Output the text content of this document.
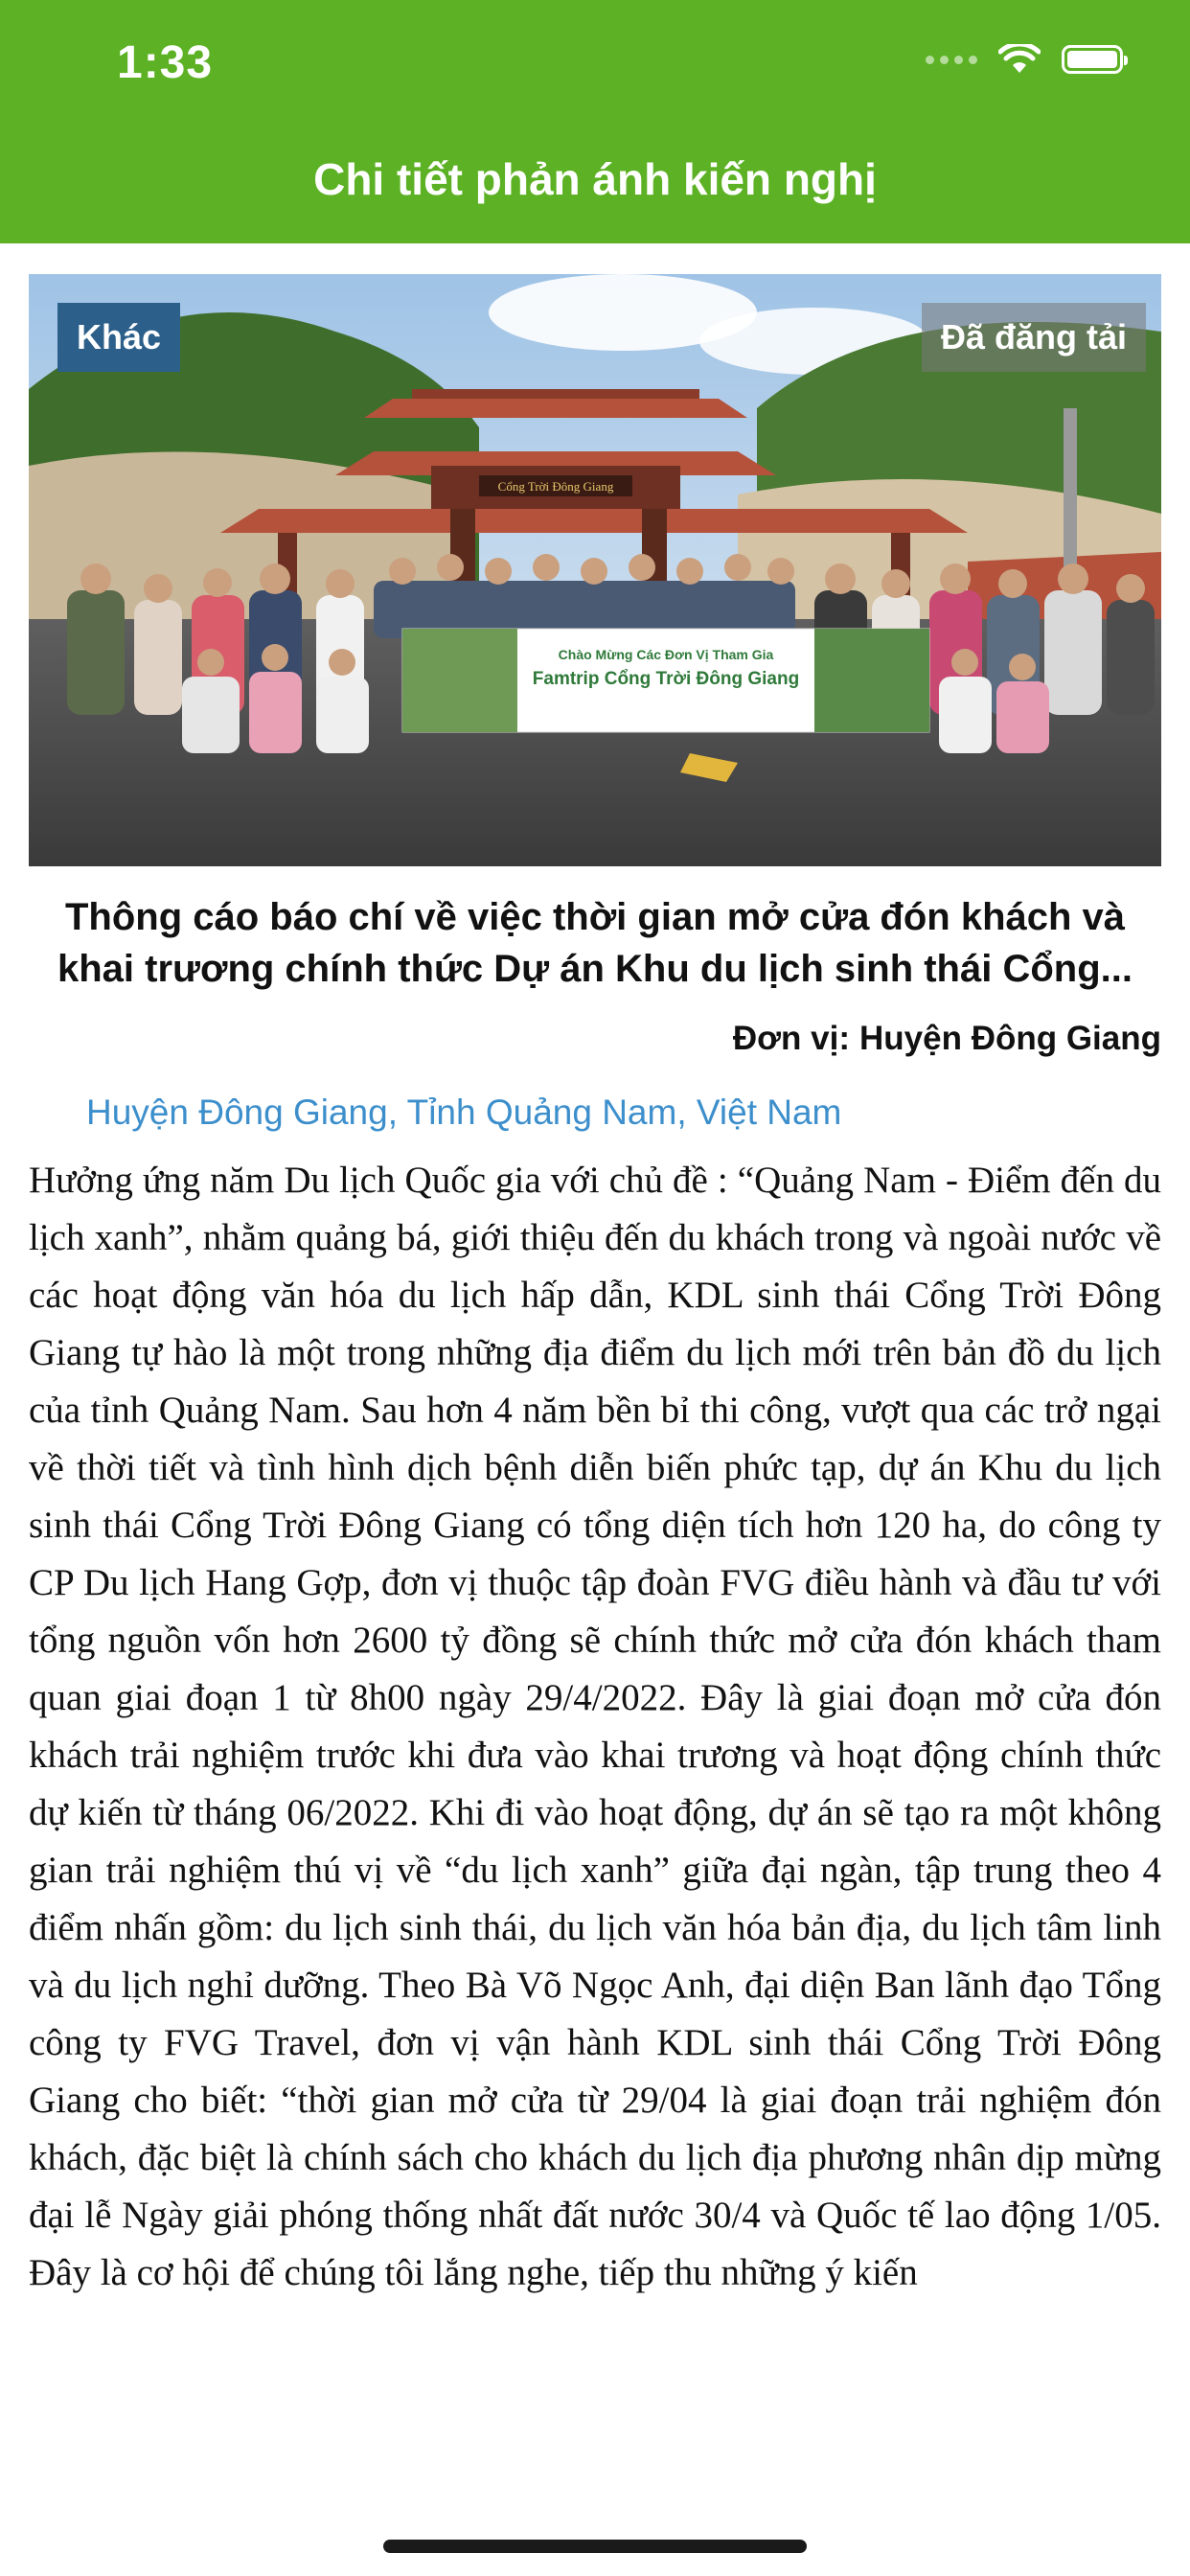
1:33
Chi tiết phản ánh kiến nghị
Cổng Trời Đông Giang
Chào Mừng Các Đơn Vị Tham Gia
Famtrip Cổng Trời Đông Giang
Khác	Đã đăng tải
Thông cáo báo chí về việc thời gian mở cửa đón khách và khai trương chính thức Dự án Khu du lịch sinh thái Cổng...
Đơn vị: Huyện Đông Giang
Huyện Đông Giang, Tỉnh Quảng Nam, Việt Nam
Hưởng ứng năm Du lịch Quốc gia với chủ đề : “Quảng Nam - Điểm đến du lịch xanh”, nhằm quảng bá, giới thiệu đến du khách trong và ngoài nước về các hoạt động văn hóa du lịch hấp dẫn, KDL sinh thái Cổng Trời Đông Giang tự hào là một trong những địa điểm du lịch mới trên bản đồ du lịch của tỉnh Quảng Nam. Sau hơn 4 năm bền bỉ thi công, vượt qua các trở ngại về thời tiết và tình hình dịch bệnh diễn biến phức tạp, dự án Khu du lịch sinh thái Cổng Trời Đông Giang có tổng diện tích hơn 120 ha, do công ty CP Du lịch Hang Gợp, đơn vị thuộc tập đoàn FVG điều hành và đầu tư với tổng nguồn vốn hơn 2600 tỷ đồng sẽ chính thức mở cửa đón khách tham quan giai đoạn 1 từ 8h00 ngày 29/4/2022. Đây là giai đoạn mở cửa đón khách trải nghiệm trước khi đưa vào khai trương và hoạt động chính thức dự kiến từ tháng 06/2022. Khi đi vào hoạt động, dự án sẽ tạo ra một không gian trải nghiệm thú vị về “du lịch xanh” giữa đại ngàn, tập trung theo 4 điểm nhấn gồm: du lịch sinh thái, du lịch văn hóa bản địa, du lịch tâm linh và du lịch nghỉ dưỡng. Theo Bà Võ Ngọc Anh, đại diện Ban lãnh đạo Tổng công ty FVG Travel, đơn vị vận hành KDL sinh thái Cổng Trời Đông Giang cho biết: “thời gian mở cửa từ 29/04 là giai đoạn trải nghiệm đón khách, đặc biệt là chính sách cho khách du lịch địa phương nhân dịp mừng đại lễ Ngày giải phóng thống nhất đất nước 30/4 và Quốc tế lao động 1/05. Đây là cơ hội để chúng tôi lắng nghe, tiếp thu những ý kiến
